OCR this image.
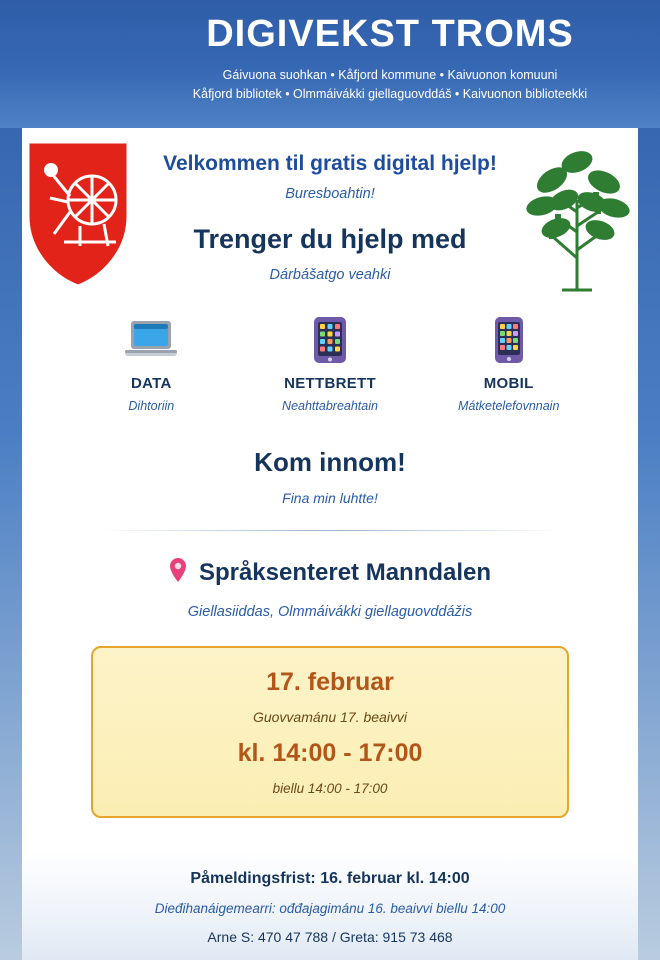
DIGIVEKST TROMS
Gáivuona suohkan • Kåfjord kommune • Kaivuonon komuuni
Kåfjord bibliotek • Olmmáivákki giellaguovddáš • Kaivuonon biblioteekki
Velkommen til gratis digital hjelp!
Buresboahtin!
Trenger du hjelp med
Dárbášatgo veahki
DATA
Dihtoriin
NETTBRETT
Neahttabreahtain
MOBIL
Mátketelefovnnain
Kom innom!
Fina min luhtte!
Språksenteret Manndalen
Giellasiiddas, Olmmáivákki giellaguovddážis
17. februar
Guovvamánu 17. beaivvi
kl. 14:00 - 17:00
biellu 14:00 - 17:00
Påmeldingsfrist: 16. februar kl. 14:00
Dieđihanáigemearri: ođđajagimánu 16. beaivvi biellu 14:00
Arne S: 470 47 788 / Greta: 915 73 468
